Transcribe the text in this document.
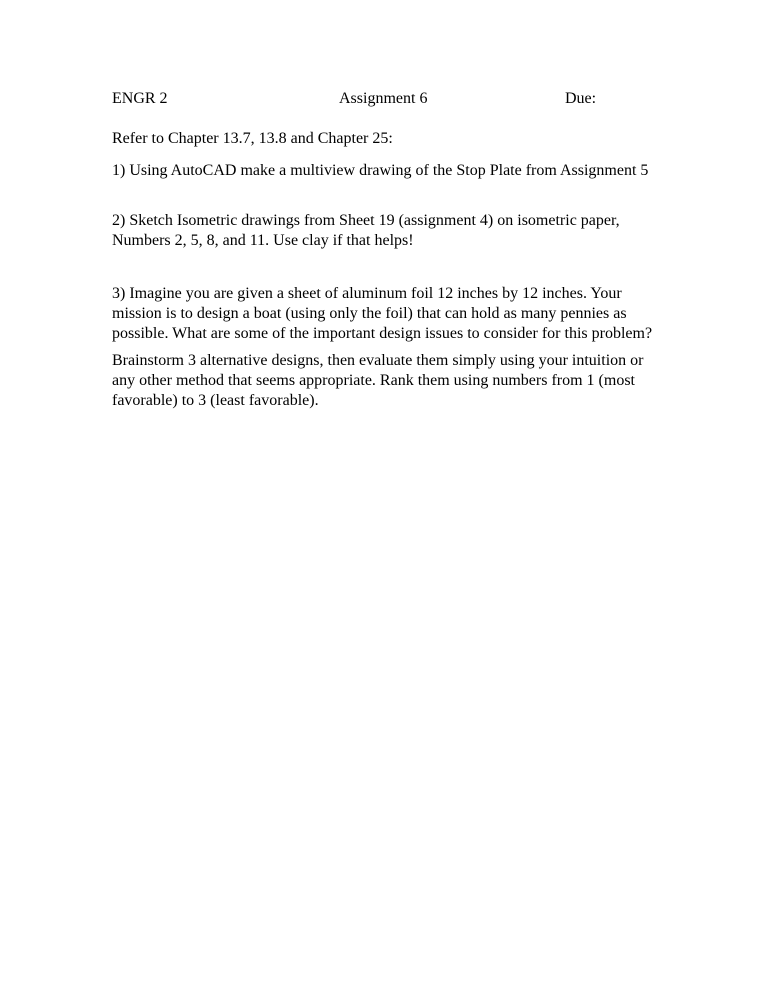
ENGR 2	Assignment 6	Due:

Refer to Chapter 13.7, 13.8 and Chapter 25:

1) Using AutoCAD make a multiview drawing of the Stop Plate from Assignment 5

2) Sketch Isometric drawings from Sheet 19 (assignment 4) on isometric paper, Numbers 2, 5, 8, and 11. Use clay if that helps!

3) Imagine you are given a sheet of aluminum foil 12 inches by 12 inches. Your mission is to design a boat (using only the foil) that can hold as many pennies as possible. What are some of the important design issues to consider for this problem?

Brainstorm 3 alternative designs, then evaluate them simply using your intuition or any other method that seems appropriate. Rank them using numbers from 1 (most favorable) to 3 (least favorable).
